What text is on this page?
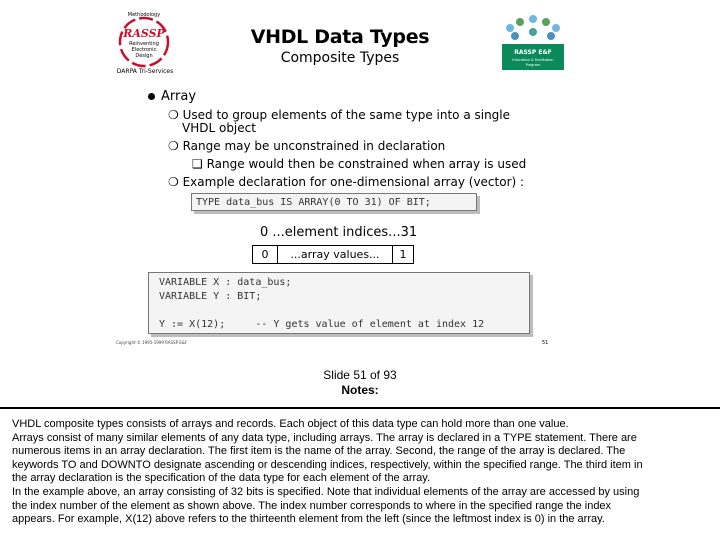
Methodology
RASSP
Reinventing
Electronic
Design
DARPA Tri-Services
VHDL Data Types
Composite Types	RASSP E&F
Education & Facilitation
Program
Array
❍ Used to group elements of the same type into a single
VHDL object
❍ Range may be unconstrained in declaration
❑ Range would then be constrained when array is used
❍ Example declaration for one-dimensional array (vector) :
TYPE data_bus IS ARRAY(0 TO 31) OF BIT;
0 ...element indices...31
0	...array values...	1
VARIABLE X : data_bus;
VARIABLE Y : BIT;
Y := X(12);     -- Y gets value of element at index 12
Copyright © 1995-1999 RASSP E&F	51
Slide 51 of 93
Notes:
VHDL composite types consists of arrays and records. Each object of this data type can hold more than one value.
Arrays consist of many similar elements of any data type, including arrays. The array is declared in a TYPE statement. There are
numerous items in an array declaration. The first item is the name of the array. Second, the range of the array is declared. The
keywords TO and DOWNTO designate ascending or descending indices, respectively, within the specified range. The third item in
the array declaration is the specification of the data type for each element of the array.
In the example above, an array consisting of 32 bits is specified. Note that individual elements of the array are accessed by using
the index number of the element as shown above. The index number corresponds to where in the specified range the index
appears. For example, X(12) above refers to the thirteenth element from the left (since the leftmost index is 0) in the array.
